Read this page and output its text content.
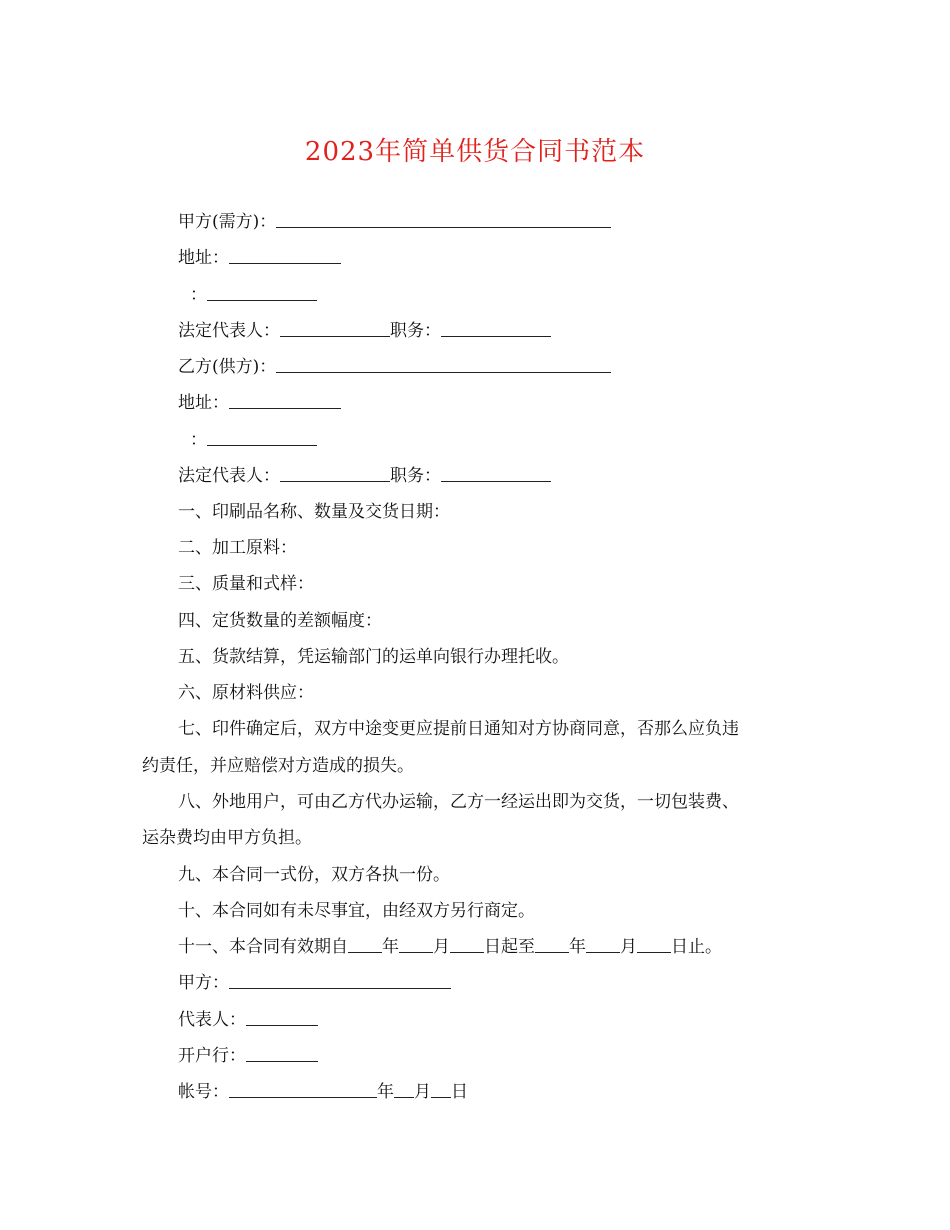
2023年简单供货合同书范本
甲方(需方)：
地址：
：
法定代表人：	职务：
乙方(供方)：
地址：
：
法定代表人：	职务：
一、印刷品名称、数量及交货日期：
二、加工原料：
三、质量和式样：
四、定货数量的差额幅度：
五、货款结算，凭运输部门的运单向银行办理托收。
六、原材料供应：
七、印件确定后，双方中途变更应提前日通知对方协商同意，否那么应负违
约责任，并应赔偿对方造成的损失。
八、外地用户，可由乙方代办运输，乙方一经运出即为交货，一切包装费、
运杂费均由甲方负担。
九、本合同一式份，双方各执一份。
十、本合同如有未尽事宜，由经双方另行商定。
十一、本合同有效期自 年 月 日起至 年 月 日止。
甲方：
代表人：
开户行：
帐号：	年 月 日
